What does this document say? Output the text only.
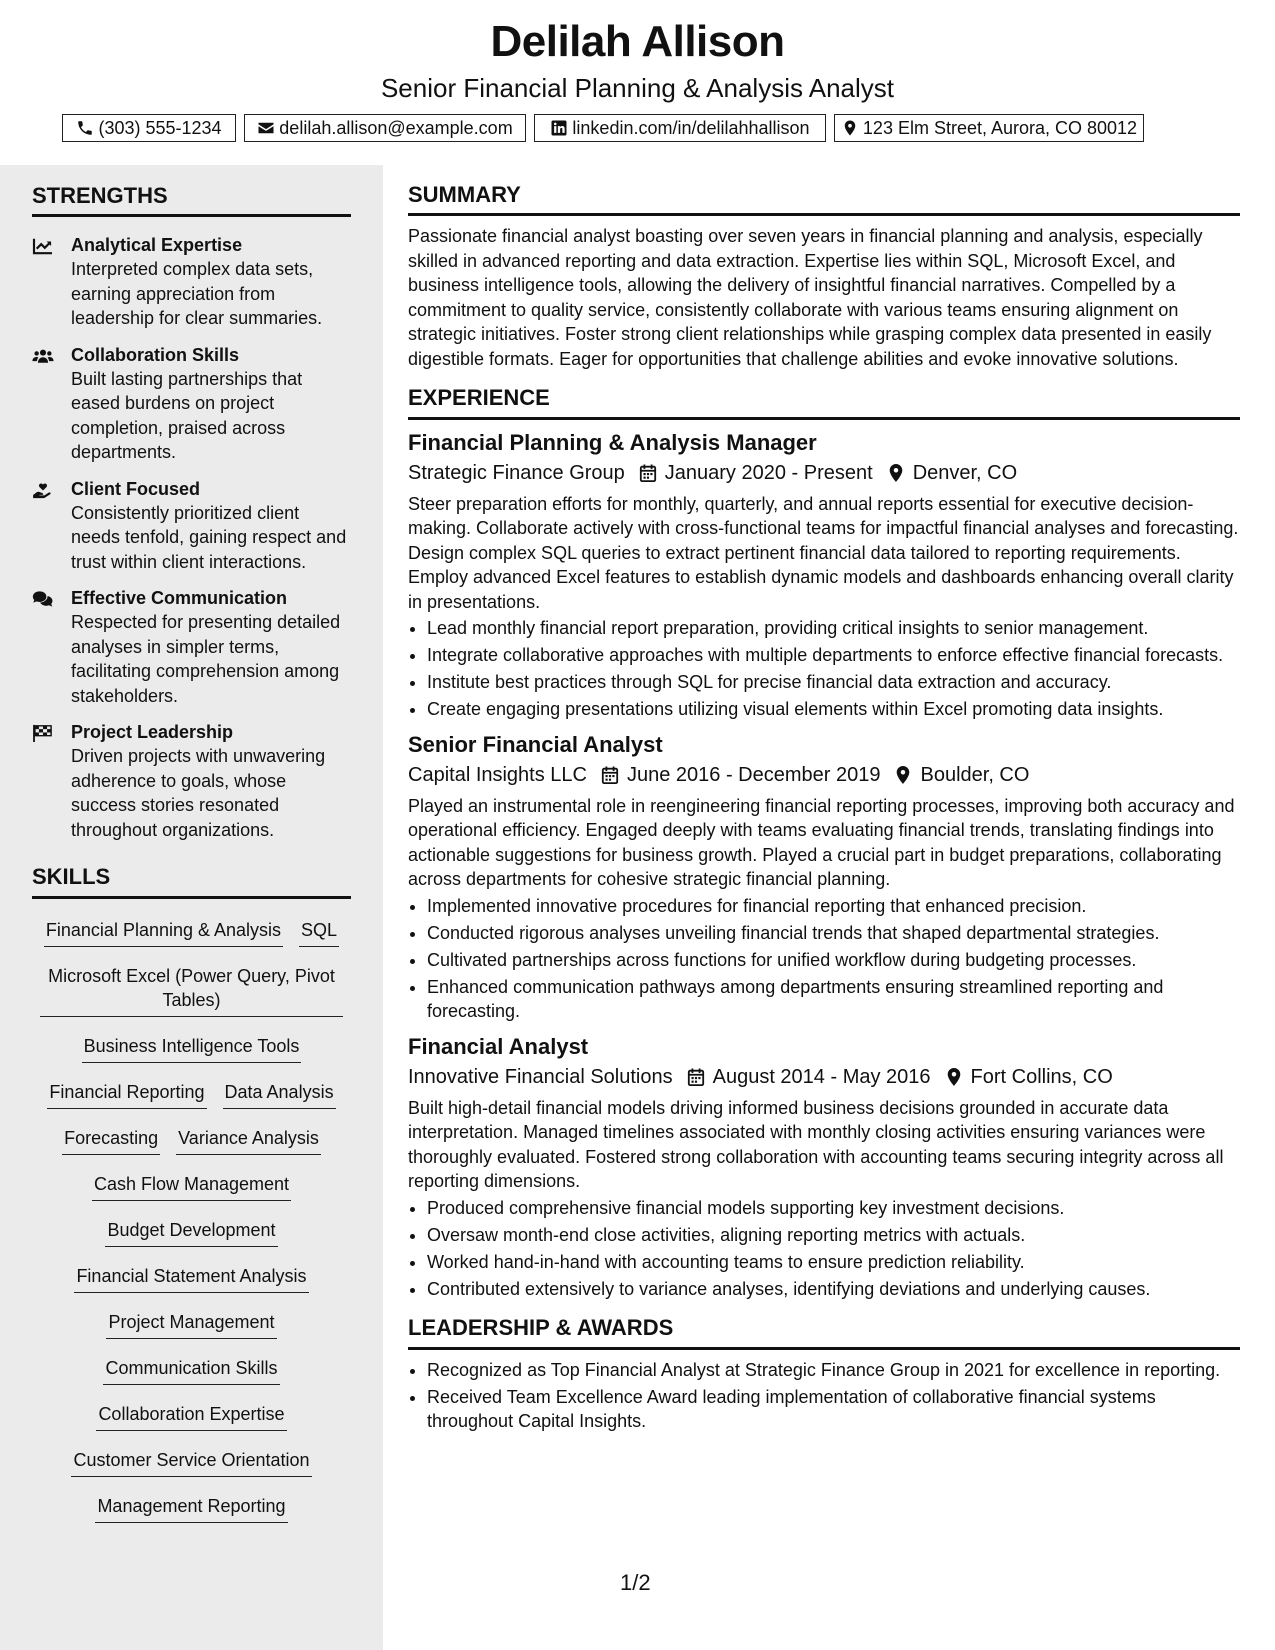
Delilah Allison
Senior Financial Planning & Analysis Analyst
(303) 555-1234	delilah.allison@example.com	linkedin.com/in/delilahhallison	123 Elm Street, Aurora, CO 80012
STRENGTHS
Analytical Expertise
Interpreted complex data sets, earning appreciation from leadership for clear summaries.
Collaboration Skills
Built lasting partnerships that eased burdens on project completion, praised across departments.
Client Focused
Consistently prioritized client needs tenfold, gaining respect and trust within client interactions.
Effective Communication
Respected for presenting detailed analyses in simpler terms, facilitating comprehension among stakeholders.
Project Leadership
Driven projects with unwavering adherence to goals, whose success stories resonated throughout organizations.
SKILLS
Financial Planning & Analysis SQL
Microsoft Excel (Power Query, Pivot Tables)
Business Intelligence Tools
Financial Reporting Data Analysis
Forecasting Variance Analysis
Cash Flow Management
Budget Development
Financial Statement Analysis
Project Management
Communication Skills
Collaboration Expertise
Customer Service Orientation
Management Reporting
SUMMARY

Passionate financial analyst boasting over seven years in financial planning and analysis, especially skilled in advanced reporting and data extraction. Expertise lies within SQL, Microsoft Excel, and business intelligence tools, allowing the delivery of insightful financial narratives. Compelled by a commitment to quality service, consistently collaborate with various teams ensuring alignment on strategic initiatives. Foster strong client relationships while grasping complex data presented in easily digestible formats. Eager for opportunities that challenge abilities and evoke innovative solutions.

EXPERIENCE
Financial Planning & Analysis Manager
Strategic Finance Group January 2020 - Present Denver, CO

Steer preparation efforts for monthly, quarterly, and annual reports essential for executive decision-making. Collaborate actively with cross-functional teams for impactful financial analyses and forecasting. Design complex SQL queries to extract pertinent financial data tailored to reporting requirements. Employ advanced Excel features to establish dynamic models and dashboards enhancing overall clarity in presentations.

• Lead monthly financial report preparation, providing critical insights to senior management.
• Integrate collaborative approaches with multiple departments to enforce effective financial forecasts.
• Institute best practices through SQL for precise financial data extraction and accuracy.
• Create engaging presentations utilizing visual elements within Excel promoting data insights.
Senior Financial Analyst
Capital Insights LLC June 2016 - December 2019 Boulder, CO

Played an instrumental role in reengineering financial reporting processes, improving both accuracy and operational efficiency. Engaged deeply with teams evaluating financial trends, translating findings into actionable suggestions for business growth. Played a crucial part in budget preparations, collaborating across departments for cohesive strategic financial planning.

• Implemented innovative procedures for financial reporting that enhanced precision.
• Conducted rigorous analyses unveiling financial trends that shaped departmental strategies.
• Cultivated partnerships across functions for unified workflow during budgeting processes.
• Enhanced communication pathways among departments ensuring streamlined reporting and forecasting.
Financial Analyst
Innovative Financial Solutions August 2014 - May 2016 Fort Collins, CO

Built high-detail financial models driving informed business decisions grounded in accurate data interpretation. Managed timelines associated with monthly closing activities ensuring variances were thoroughly evaluated. Fostered strong collaboration with accounting teams securing integrity across all reporting dimensions.

• Produced comprehensive financial models supporting key investment decisions.
• Oversaw month-end close activities, aligning reporting metrics with actuals.
• Worked hand-in-hand with accounting teams to ensure prediction reliability.
• Contributed extensively to variance analyses, identifying deviations and underlying causes.
LEADERSHIP & AWARDS
• Recognized as Top Financial Analyst at Strategic Finance Group in 2021 for excellence in reporting.
• Received Team Excellence Award leading implementation of collaborative financial systems throughout Capital Insights.
1/2
